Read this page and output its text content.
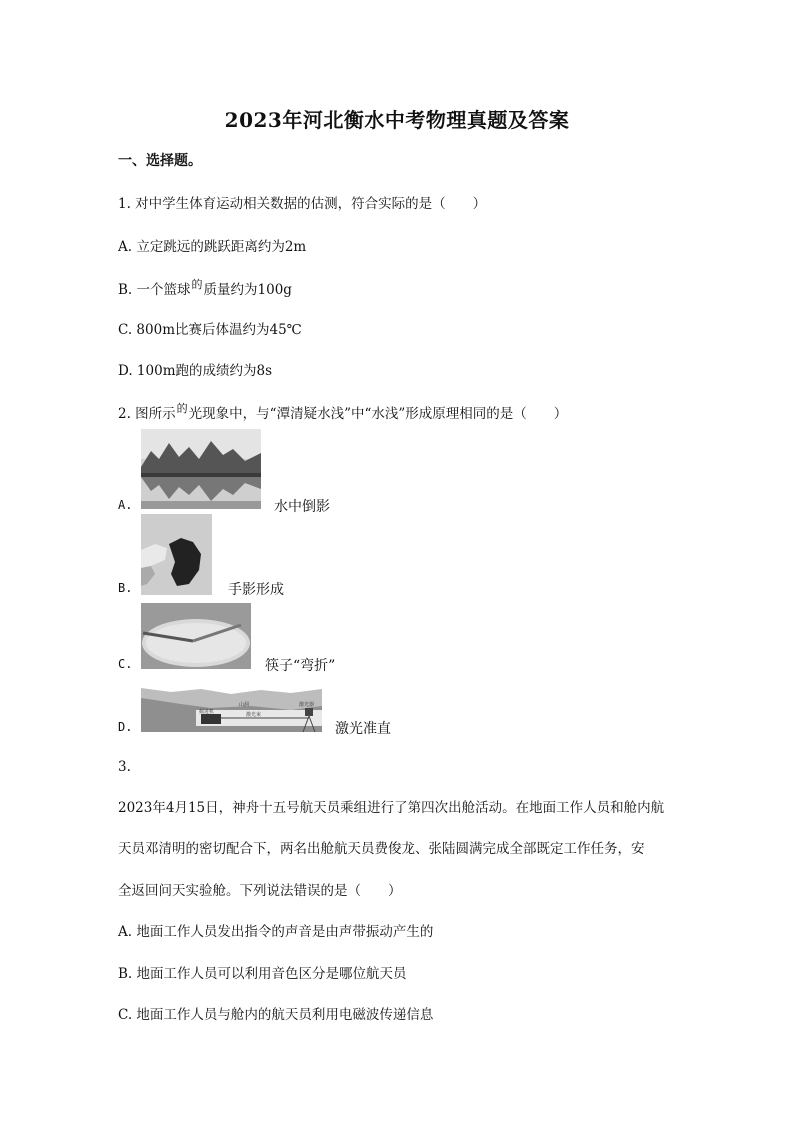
2023年河北衡水中考物理真题及答案
一、选择题。
1. 对中学生体育运动相关数据的估测，符合实际的是（　　）
A. 立定跳远的跳跃距离约为2m
B. 一个篮球$^的$质量约为100g
C. 800m比赛后体温约为45℃
D. 100m跑的成绩约为8s
2. 图所示$^的$光现象中，与“潭清疑水浅”中“水浅”形成原理相同的是（　　）
A.	水中倒影
B.	手影形成
C.	筷子“弯折”
山洞
掘进机	激光束
激光器
D.	激光准直
3.
2023年4月15日，神舟十五号航天员乘组进行了第四次出舱活动。在地面工作人员和舱内航
天员邓清明的密切配合下，两名出舱航天员费俊龙、张陆圆满完成全部既定工作任务，安
全返回问天实验舱。下列说法错误的是（　　）
A. 地面工作人员发出指令的声音是由声带振动产生的
B. 地面工作人员可以利用音色区分是哪位航天员
C. 地面工作人员与舱内的航天员利用电磁波传递信息
